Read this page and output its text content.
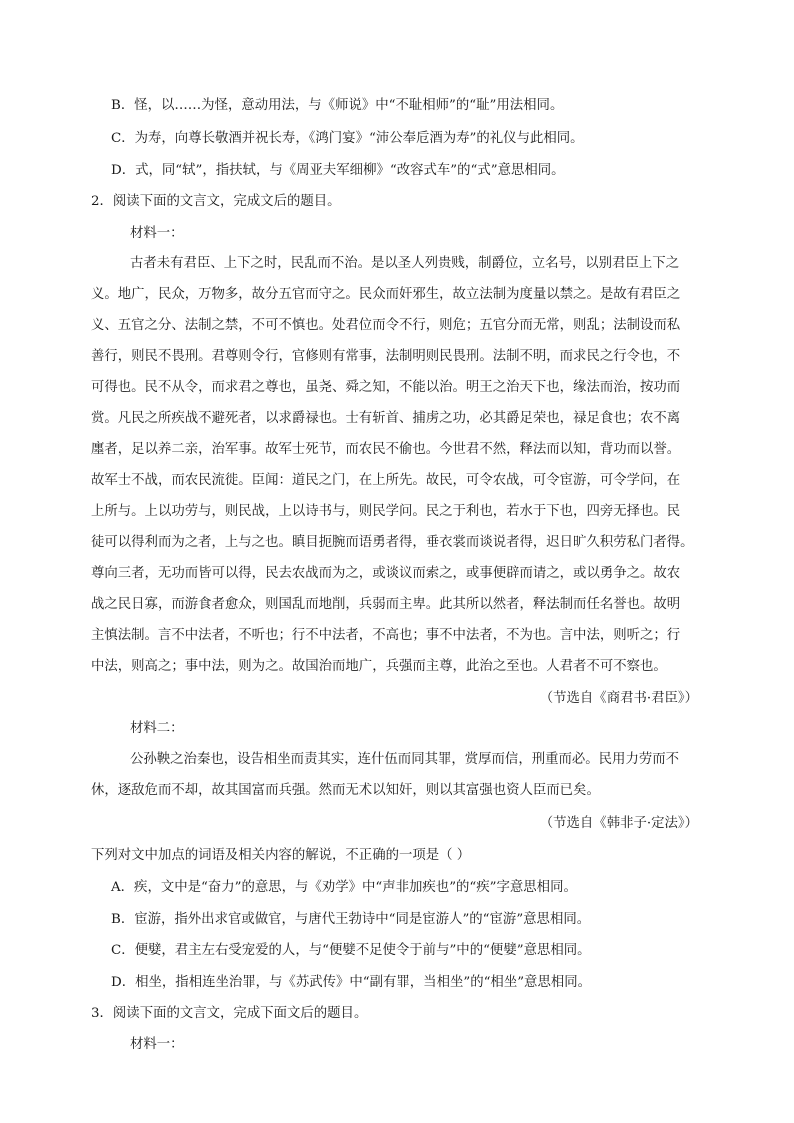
B．怪，以……为怪，意动用法，与《师说》中“不耻相师”的“耻”用法相同。
C．为寿，向尊长敬酒并祝长寿，《鸿门宴》“沛公奉卮酒为寿”的礼仪与此相同。
D．式，同“轼”，指扶轼，与《周亚夫军细柳》“改容式车”的“式”意思相同。
2．阅读下面的文言文，完成文后的题目。
材料一：
古者未有君臣、上下之时，民乱而不治。是以圣人列贵贱，制爵位，立名号，以别君臣上下之
义。地广，民众，万物多，故分五官而守之。民众而奸邪生，故立法制为度量以禁之。是故有君臣之
义、五官之分、法制之禁，不可不慎也。处君位而令不行，则危；五官分而无常，则乱；法制设而私
善行，则民不畏刑。君尊则令行，官修则有常事，法制明则民畏刑。法制不明，而求民之行令也，不
可得也。民不从令，而求君之尊也，虽尧、舜之知，不能以治。明王之治天下也，缘法而治，按功而
赏。凡民之所疾战不避死者，以求爵禄也。士有斩首、捕虏之功，必其爵足荣也，禄足食也；农不离
廛者，足以养二亲，治军事。故军士死节，而农民不偷也。今世君不然，释法而以知，背功而以誉。
故军士不战，而农民流徙。臣闻：道民之门，在上所先。故民，可令农战，可令宦游，可令学问，在
上所与。上以功劳与，则民战，上以诗书与，则民学问。民之于利也，若水于下也，四旁无择也。民
徒可以得利而为之者，上与之也。瞋目扼腕而语勇者得，垂衣裳而谈说者得，迟日旷久积劳私门者得。
尊向三者，无功而皆可以得，民去农战而为之，或谈议而索之，或事便辟而请之，或以勇争之。故农
战之民日寡，而游食者愈众，则国乱而地削，兵弱而主卑。此其所以然者，释法制而任名誉也。故明
主慎法制。言不中法者，不听也；行不中法者，不高也；事不中法者，不为也。言中法，则听之；行
中法，则高之；事中法，则为之。故国治而地广，兵强而主尊，此治之至也。人君者不可不察也。
（节选自《商君书·君臣》）
材料二：
公孙鞅之治秦也，设告相坐而责其实，连什伍而同其罪，赏厚而信，刑重而必。民用力劳而不
休，逐敌危而不却，故其国富而兵强。然而无术以知奸，则以其富强也资人臣而已矣。
（节选自《韩非子·定法》）
下列对文中加点的词语及相关内容的解说，不正确的一项是（ ）
A．疾，文中是“奋力”的意思，与《劝学》中“声非加疾也”的“疾”字意思相同。
B．宦游，指外出求官或做官，与唐代王勃诗中“同是宦游人”的“宦游”意思相同。
C．便嬖，君主左右受宠爱的人，与“便嬖不足使令于前与”中的“便嬖”意思相同。
D．相坐，指相连坐治罪，与《苏武传》中“副有罪，当相坐”的“相坐”意思相同。
3．阅读下面的文言文，完成下面文后的题目。
材料一：
